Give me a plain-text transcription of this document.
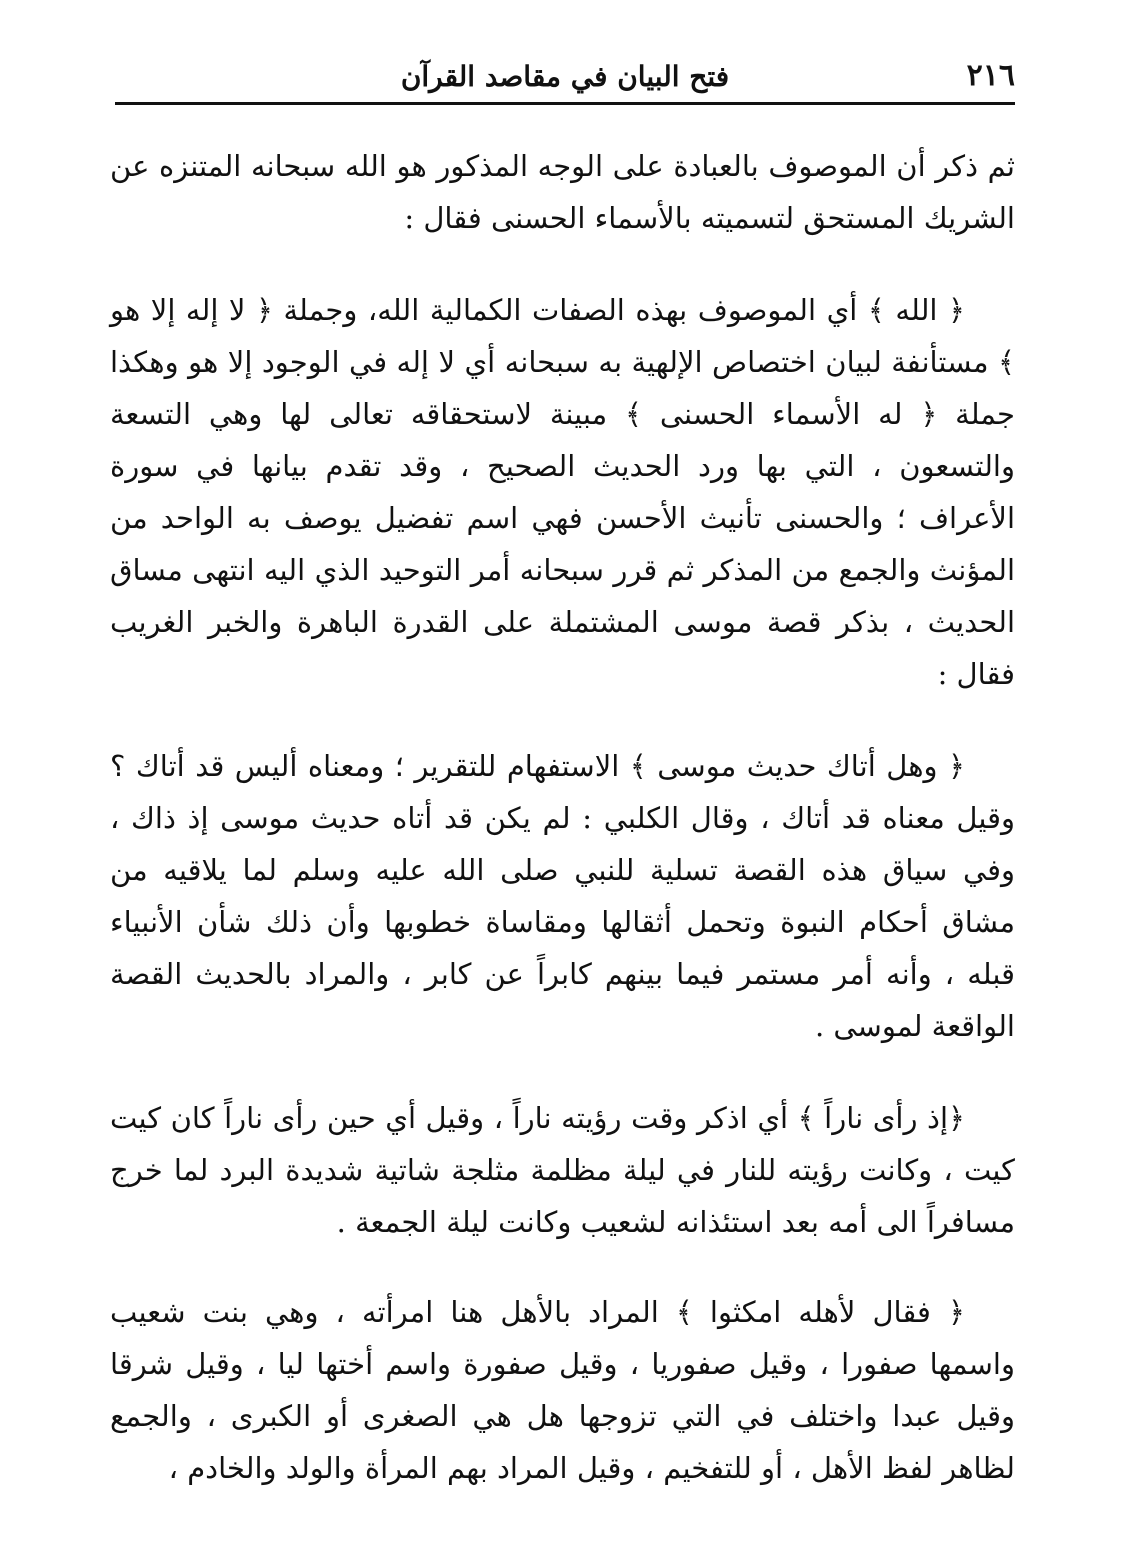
٢١٦
فتح البيان في مقاصد القرآن

ثم ذكر أن الموصوف بالعبادة على الوجه المذكور هو الله سبحانه المتنزه عن الشريك المستحق لتسميته بالأسماء الحسنى فقال :

﴿ الله ﴾ أي الموصوف بهذه الصفات الكمالية الله، وجملة ﴿ لا إله إلا هو ﴾ مستأنفة لبيان اختصاص الإلهية به سبحانه أي لا إله في الوجود إلا هو وهكذا جملة ﴿ له الأسماء الحسنى ﴾ مبينة لاستحقاقه تعالى لها وهي التسعة والتسعون ، التي بها ورد الحديث الصحيح ، وقد تقدم بيانها في سورة الأعراف ؛ والحسنى تأنيث الأحسن فهي اسم تفضيل يوصف به الواحد من المؤنث والجمع من المذكر ثم قرر سبحانه أمر التوحيد الذي اليه انتهى مساق الحديث ، بذكر قصة موسى المشتملة على القدرة الباهرة والخبر الغريب فقال :

﴿ وهل أتاك حديث موسى ﴾ الاستفهام للتقرير ؛ ومعناه أليس قد أتاك ؟ وقيل معناه قد أتاك ، وقال الكلبي : لم يكن قد أتاه حديث موسى إذ ذاك ، وفي سياق هذه القصة تسلية للنبي صلى الله عليه وسلم لما يلاقيه من مشاق أحكام النبوة وتحمل أثقالها ومقاساة خطوبها وأن ذلك شأن الأنبياء قبله ، وأنه أمر مستمر فيما بينهم كابراً عن كابر ، والمراد بالحديث القصة الواقعة لموسى .

﴿إذ رأى ناراً ﴾ أي اذكر وقت رؤيته ناراً ، وقيل أي حين رأى ناراً كان كيت كيت ، وكانت رؤيته للنار في ليلة مظلمة مثلجة شاتية شديدة البرد لما خرج مسافراً الى أمه بعد استئذانه لشعيب وكانت ليلة الجمعة .

﴿ فقال لأهله امكثوا ﴾ المراد بالأهل هنا امرأته ، وهي بنت شعيب واسمها صفورا ، وقيل صفوريا ، وقيل صفورة واسم أختها ليا ، وقيل شرقا وقيل عبدا واختلف في التي تزوجها هل هي الصغرى أو الكبرى ، والجمع لظاهر لفظ الأهل ، أو للتفخيم ، وقيل المراد بهم المرأة والولد والخادم ،
